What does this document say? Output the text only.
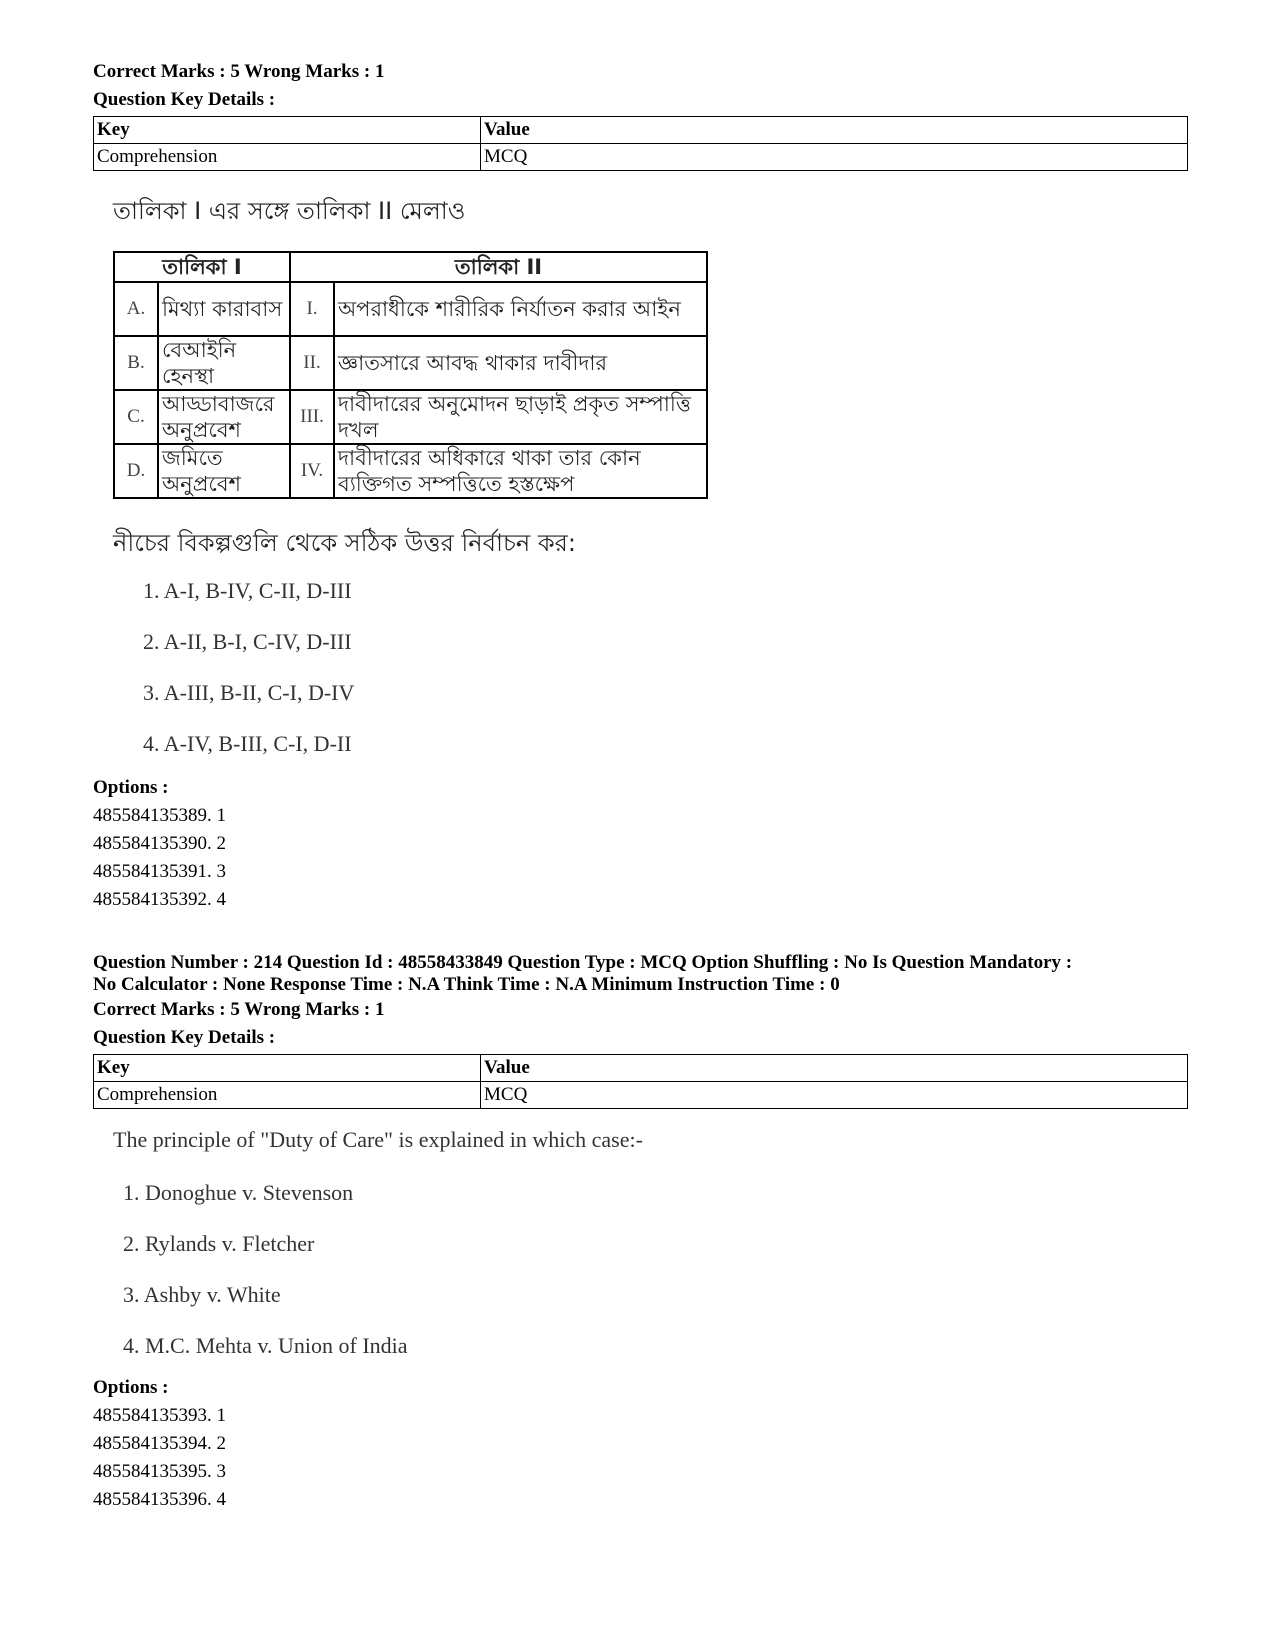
Correct Marks : 5 Wrong Marks : 1

Question Key Details :

Key	Value
Comprehension	MCQ
তালিকা I এর সঙ্গে তালিকা II মেলাও
তালিকা I		তালিকা II	
A.	মিথ্যা কারাবাস	I.	অপরাধীকে শারীরিক নির্যাতন করার আইন
B.	বেআইনি হেনস্থা	II.	জ্ঞাতসারে আবদ্ধ থাকার দাবীদার
C.	আড্ডাবাজরে অনুপ্রবেশ	III.	দাবীদারের অনুমোদন ছাড়াই প্রকৃত সম্পাত্তি দখল
D.	জমিতে অনুপ্রবেশ	IV.	দাবীদারের অধিকারে থাকা তার কোন ব্যক্তিগত সম্পত্তিতে হস্তক্ষেপ
নীচের বিকল্পগুলি থেকে সঠিক উত্তর নির্বাচন কর:

1. A-I, B-IV, C-II, D-III

2. A-II, B-I, C-IV, D-III

3. A-III, B-II, C-I, D-IV

4. A-IV, B-III, C-I, D-II

Options :

485584135389. 1

485584135390. 2

485584135391. 3

485584135392. 4

Question Number : 214 Question Id : 48558433849 Question Type : MCQ Option Shuffling : No Is Question Mandatory :

No Calculator : None Response Time : N.A Think Time : N.A Minimum Instruction Time : 0

Correct Marks : 5 Wrong Marks : 1

Question Key Details :

Key	Value
Comprehension	MCQ
The principle of "Duty of Care" is explained in which case:-

1. Donoghue v. Stevenson

2. Rylands v. Fletcher

3. Ashby v. White

4. M.C. Mehta v. Union of India

Options :

485584135393. 1

485584135394. 2

485584135395. 3

485584135396. 4
